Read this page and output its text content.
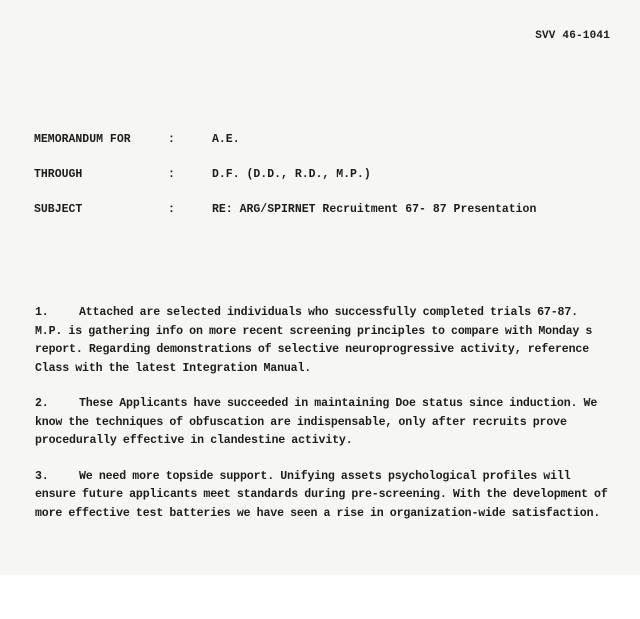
SVV 46-1041
MEMORANDUM FOR	:	A.E.
THROUGH	:	D.F. (D.D., R.D., M.P.)
SUBJECT	:	RE: ARG/SPIRNET Recruitment 67- 87 Presentation

1.	Attached are selected individuals who successfully completed trials 67-87. M.P. is gathering info on more recent screening principles to compare with Monday s report. Regarding demonstrations of selective neuroprogressive activity, reference Class with the latest Integration Manual.

2.	These Applicants have succeeded in maintaining Doe status since induction. We know the techniques of obfuscation are indispensable, only after recruits prove procedurally effective in clandestine activity.

3.	We need more topside support. Unifying assets psychological profiles will ensure future applicants meet standards during pre-screening. With the development of more effective test batteries we have seen a rise in organization-wide satisfaction.
